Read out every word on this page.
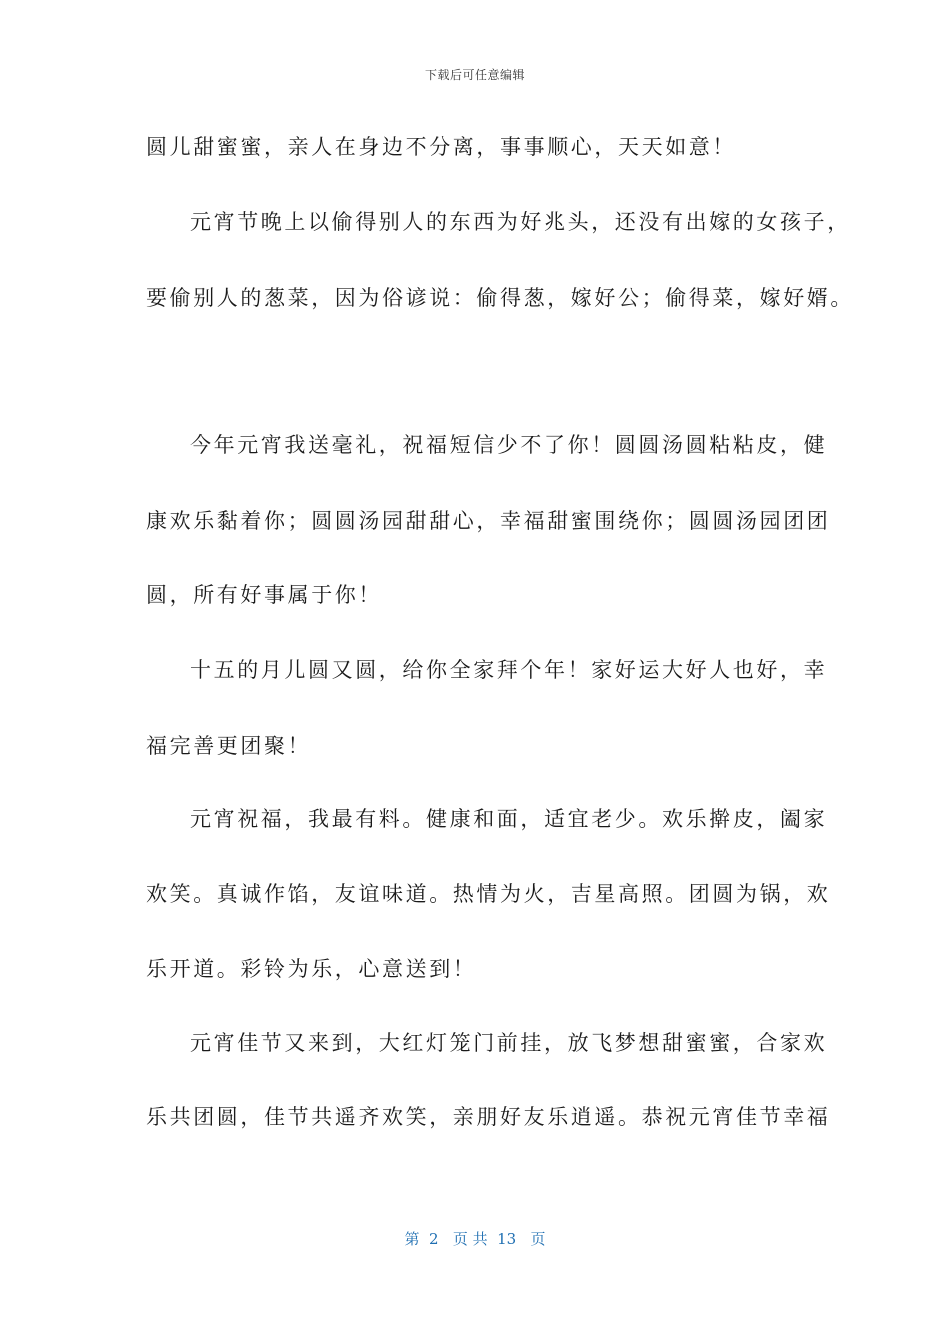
下载后可任意编辑
圆儿甜蜜蜜，亲人在身边不分离，事事顺心，天天如意！
元宵节晚上以偷得别人的东西为好兆头，还没有出嫁的女孩子，
要偷别人的葱菜，因为俗谚说：偷得葱，嫁好公；偷得菜，嫁好婿。
今年元宵我送毫礼，祝福短信少不了你！圆圆汤圆粘粘皮，健
康欢乐黏着你；圆圆汤园甜甜心，幸福甜蜜围绕你；圆圆汤园团团
圆，所有好事属于你！
十五的月儿圆又圆，给你全家拜个年！家好运大好人也好，幸
福完善更团聚！
元宵祝福，我最有料。健康和面，适宜老少。欢乐擀皮，阖家
欢笑。真诚作馅，友谊味道。热情为火，吉星高照。团圆为锅，欢
乐开道。彩铃为乐，心意送到！
元宵佳节又来到，大红灯笼门前挂，放飞梦想甜蜜蜜，合家欢
乐共团圆，佳节共遥齐欢笑，亲朋好友乐逍遥。恭祝元宵佳节幸福
第  2   页 共  13   页
